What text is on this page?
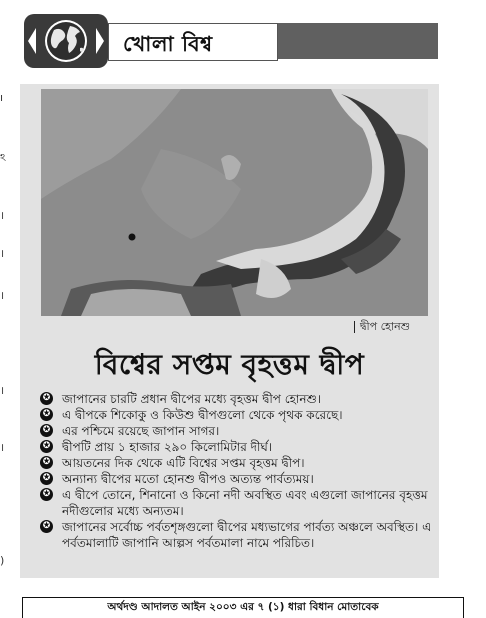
ı
ঽ
।
।
।
।
।
)
খোলা বিশ্ব
দ্বীপ হোনশু
বিশ্বের সপ্তম বৃহত্তম দ্বীপ
✪ জাপানের চারটি প্রধান দ্বীপের মধ্যে বৃহত্তম দ্বীপ হোনশু।
✪ এ দ্বীপকে শিকোকু ও কিউশু দ্বীপগুলো থেকে পৃথক করেছে।
✪ এর পশ্চিমে রয়েছে জাপান সাগর।
✪ দ্বীপটি প্রায় ১ হাজার ২৯০ কিলোমিটার দীর্ঘ।
✪ আয়তনের দিক থেকে এটি বিশ্বের সপ্তম বৃহত্তম দ্বীপ।
✪ অন্যান্য দ্বীপের মতো হোনশু দ্বীপও অত্যন্ত পার্বত্যময়।
✪ এ দ্বীপে তোনে, শিনানো ও কিনো নদী অবস্থিত এবং এগুলো জাপানের বৃহত্তম নদীগুলোর মধ্যে অন্যতম।
✪ জাপানের সর্বোচ্চ পর্বতশৃঙ্গগুলো দ্বীপের মধ্যভাগের পার্বত্য অঞ্চলে অবস্থিত। এ পর্বতমালাটি জাপানি আল্পস পর্বতমালা নামে পরিচিত।
অর্থদণ্ড আদালত আইন ২০০৩ এর ৭ (১) ধারা বিধান মোতাবেক
